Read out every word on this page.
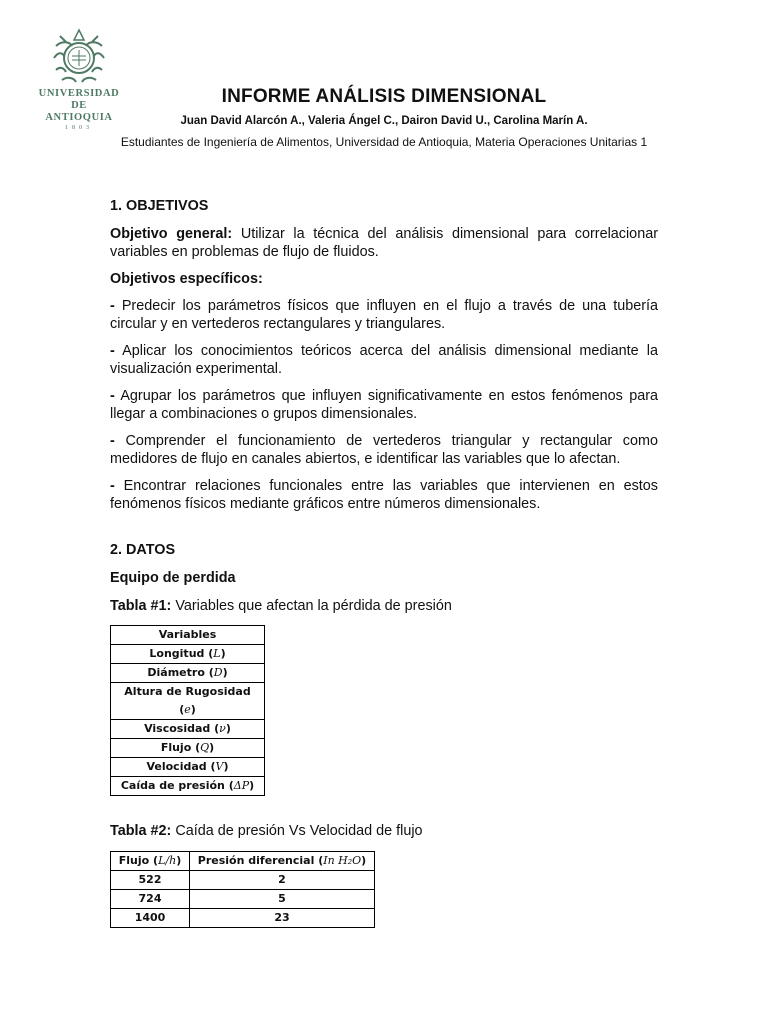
UNIVERSIDAD
DE ANTIOQUIA
1803
INFORME ANÁLISIS DIMENSIONAL
Juan David Alarcón A., Valeria Ángel C., Dairon David U., Carolina Marín A.
Estudiantes de Ingeniería de Alimentos, Universidad de Antioquia, Materia Operaciones Unitarias 1
1. OBJETIVOS
Objetivo general: Utilizar la técnica del análisis dimensional para correlacionar variables en problemas de flujo de fluidos.
Objetivos específicos:
- Predecir los parámetros físicos que influyen en el flujo a través de una tubería circular y en vertederos rectangulares y triangulares.
- Aplicar los conocimientos teóricos acerca del análisis dimensional mediante la visualización experimental.
- Agrupar los parámetros que influyen significativamente en estos fenómenos para llegar a combinaciones o grupos dimensionales.
- Comprender el funcionamiento de vertederos triangular y rectangular como medidores de flujo en canales abiertos, e identificar las variables que lo afectan.
- Encontrar relaciones funcionales entre las variables que intervienen en estos fenómenos físicos mediante gráficos entre números dimensionales.
2. DATOS
Equipo de perdida
Tabla #1: Variables que afectan la pérdida de presión
Variables
Longitud (L)
Diámetro (D)
Altura de Rugosidad (e)
Viscosidad (ν)
Flujo (Q)
Velocidad (V)
Caída de presión (ΔP)
Tabla #2: Caída de presión Vs Velocidad de flujo
Flujo (L/h)	Presión diferencial (In H₂O)
522	2
724	5
1400	23
